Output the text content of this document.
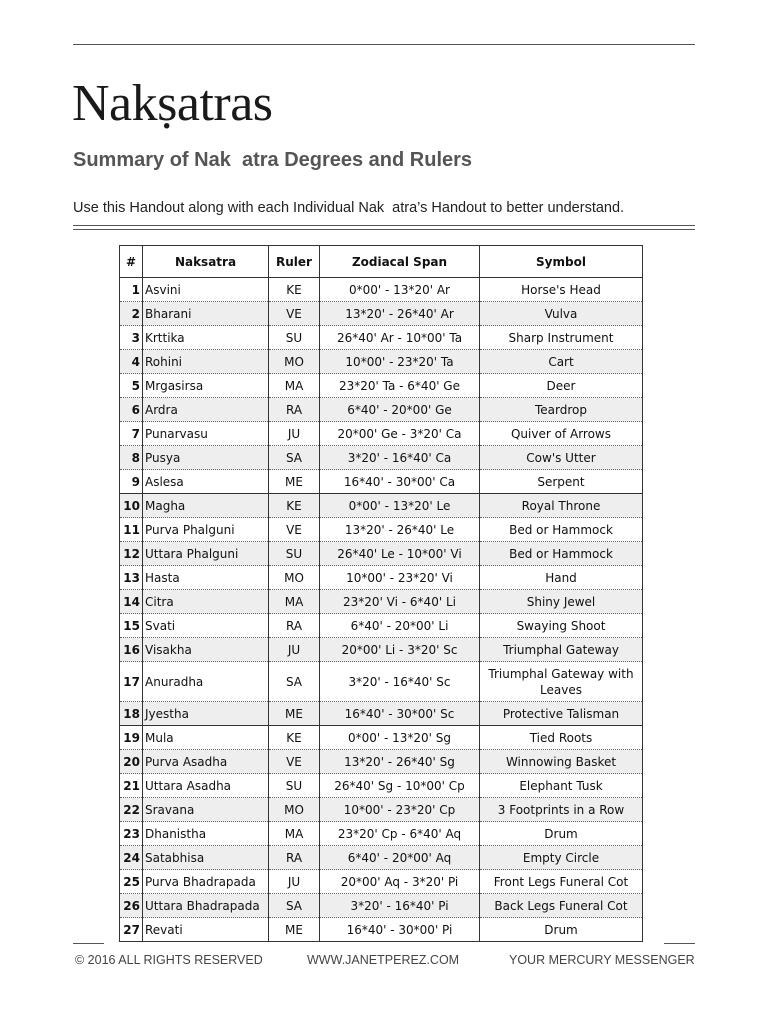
Nakṣatras
Summary of Nak  atra Degrees and Rulers

Use this Handout along with each Individual Nak  atra’s Handout to better understand.

#	Naksatra	Ruler	Zodiacal Span	Symbol
1	Asvini	KE	0*00' - 13*20' Ar	Horse's Head
2	Bharani	VE	13*20' - 26*40' Ar	Vulva
3	Krttika	SU	26*40' Ar - 10*00' Ta	Sharp Instrument
4	Rohini	MO	10*00' - 23*20' Ta	Cart
5	Mrgasirsa	MA	23*20' Ta - 6*40' Ge	Deer
6	Ardra	RA	6*40' - 20*00' Ge	Teardrop
7	Punarvasu	JU	20*00' Ge - 3*20' Ca	Quiver of Arrows
8	Pusya	SA	3*20' - 16*40' Ca	Cow's Utter
9	Aslesa	ME	16*40' - 30*00' Ca	Serpent
10	Magha	KE	0*00' - 13*20' Le	Royal Throne
11	Purva Phalguni	VE	13*20' - 26*40' Le	Bed or Hammock
12	Uttara Phalguni	SU	26*40' Le - 10*00' Vi	Bed or Hammock
13	Hasta	MO	10*00' - 23*20' Vi	Hand
14	Citra	MA	23*20' Vi - 6*40' Li	Shiny Jewel
15	Svati	RA	6*40' - 20*00' Li	Swaying Shoot
16	Visakha	JU	20*00' Li - 3*20' Sc	Triumphal Gateway
17	Anuradha	SA	3*20' - 16*40' Sc	Triumphal Gateway with Leaves
18	Jyestha	ME	16*40' - 30*00' Sc	Protective Talisman
19	Mula	KE	0*00' - 13*20' Sg	Tied Roots
20	Purva Asadha	VE	13*20' - 26*40' Sg	Winnowing Basket
21	Uttara Asadha	SU	26*40' Sg - 10*00' Cp	Elephant Tusk
22	Sravana	MO	10*00' - 23*20' Cp	3 Footprints in a Row
23	Dhanistha	MA	23*20' Cp - 6*40' Aq	Drum
24	Satabhisa	RA	6*40' - 20*00' Aq	Empty Circle
25	Purva Bhadrapada	JU	20*00' Aq - 3*20' Pi	Front Legs Funeral Cot
26	Uttara Bhadrapada	SA	3*20' - 16*40' Pi	Back Legs Funeral Cot
27	Revati	ME	16*40' - 30*00' Pi	Drum

© 2016 ALL RIGHTS RESERVED	WWW.JANETPEREZ.COM	YOUR MERCURY MESSENGER
